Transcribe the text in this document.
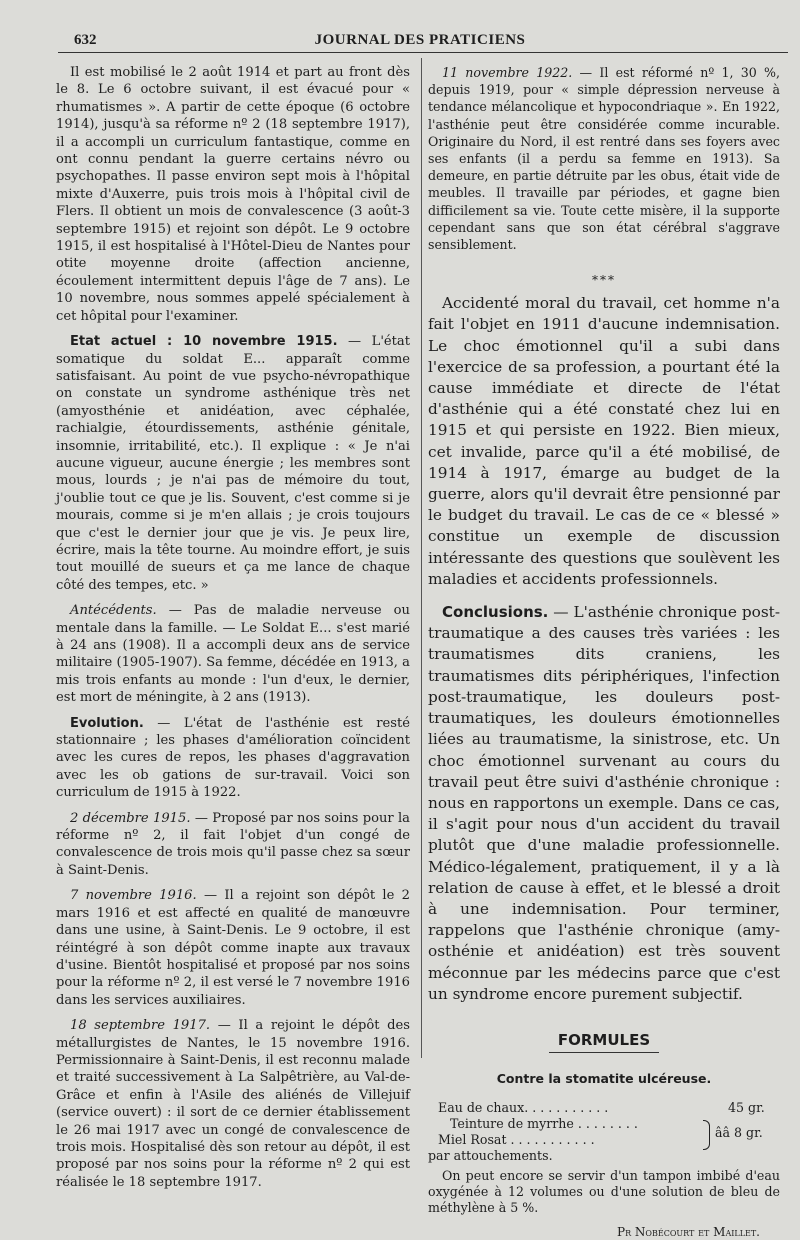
632	JOURNAL DES PRATICIENS

Il est mobilisé le 2 août 1914 et part au front dès le 8. Le 6 octobre suivant, il est évacué pour « rhumatismes ». A partir de cette époque (6 octobre 1914), jusqu'à sa réforme nº 2 (18 septembre 1917), il a accompli un curriculum fantastique, comme en ont connu pendant la guerre certains névro ou psychopathes. Il passe environ sept mois à l'hôpital mixte d'Auxerre, puis trois mois à l'hôpital civil de Flers. Il obtient un mois de convalescence (3 août-3 septembre 1915) et rejoint son dépôt. Le 9 octobre 1915, il est hospitalisé à l'Hôtel-Dieu de Nantes pour otite moyenne droite (affection ancienne, écoulement intermittent depuis l'âge de 7 ans). Le 10 novembre, nous sommes appelé spécialement à cet hôpital pour l'examiner.

Etat actuel : 10 novembre 1915. — L'état somatique du soldat E... apparaît comme satisfaisant. Au point de vue psycho-névropathique on constate un syndrome asthénique très net (amyosthénie et anidéation, avec céphalée, rachialgie, étourdissements, asthénie génitale, insomnie, irritabilité, etc.). Il explique : « Je n'ai aucune vigueur, aucune énergie ; les membres sont mous, lourds ; je n'ai pas de mémoire du tout, j'oublie tout ce que je lis. Souvent, c'est comme si je mourais, comme si je m'en allais ; je crois toujours que c'est le dernier jour que je vis. Je peux lire, écrire, mais la tête tourne. Au moindre effort, je suis tout mouillé de sueurs et ça me lance de chaque côté des tempes, etc. »

Antécédents. — Pas de maladie nerveuse ou mentale dans la famille. — Le Soldat E... s'est marié à 24 ans (1908). Il a accompli deux ans de service militaire (1905-1907). Sa femme, décédée en 1913, a mis trois enfants au monde : l'un d'eux, le dernier, est mort de méningite, à 2 ans (1913).

Evolution. — L'état de l'asthénie est resté stationnaire ; les phases d'amélioration coïncident avec les cures de repos, les phases d'aggravation avec les ob gations de sur-travail. Voici son curriculum de 1915 à 1922.

2 décembre 1915. — Proposé par nos soins pour la réforme nº 2, il fait l'objet d'un congé de convalescence de trois mois qu'il passe chez sa sœur à Saint-Denis.

7 novembre 1916. — Il a rejoint son dépôt le 2 mars 1916 et est affecté en qualité de manœuvre dans une usine, à Saint-Denis. Le 9 octobre, il est réintégré à son dépôt comme inapte aux travaux d'usine. Bientôt hospitalisé et proposé par nos soins pour la réforme nº 2, il est versé le 7 novembre 1916 dans les services auxiliaires.

18 septembre 1917. — Il a rejoint le dépôt des métallurgistes de Nantes, le 15 novembre 1916. Permissionnaire à Saint-Denis, il est reconnu malade et traité successivement à La Salpêtrière, au Val-de-Grâce et enfin à l'Asile des aliénés de Villejuif (service ouvert) : il sort de ce dernier établissement le 26 mai 1917 avec un congé de convalescence de trois mois. Hospitalisé dès son retour au dépôt, il est proposé par nos soins pour la réforme nº 2 qui est réalisée le 18 septembre 1917.

11 novembre 1922. — Il est réformé nº 1, 30 %, depuis 1919, pour « simple dépression nerveuse à tendance mélancolique et hypocondriaque ». En 1922, l'asthénie peut être considérée comme incurable. Originaire du Nord, il est rentré dans ses foyers avec ses enfants (il a perdu sa femme en 1913). Sa demeure, en partie détruite par les obus, était vide de meubles. Il travaille par périodes, et gagne bien difficilement sa vie. Toute cette misère, il la supporte cependant sans que son état cérébral s'aggrave sensiblement.

***

Accidenté moral du travail, cet homme n'a fait l'objet en 1911 d'aucune indemnisation. Le choc émotionnel qu'il a subi dans l'exercice de sa profession, a pourtant été la cause immédiate et directe de l'état d'asthénie qui a été constaté chez lui en 1915 et qui persiste en 1922. Bien mieux, cet invalide, parce qu'il a été mobilisé, de 1914 à 1917, émarge au budget de la guerre, alors qu'il devrait être pensionné par le budget du travail. Le cas de ce « blessé » constitue un exemple de discussion intéressante des questions que soulèvent les maladies et accidents professionnels.

Conclusions. — L'asthénie chronique post-traumatique a des causes très variées : les traumatismes dits craniens, les traumatismes dits périphériques, l'infection post-traumatique, les douleurs post-traumatiques, les douleurs émotionnelles liées au traumatisme, la sinistrose, etc. Un choc émotionnel survenant au cours du travail peut être suivi d'asthénie chronique : nous en rapportons un exemple. Dans ce cas, il s'agit pour nous d'un accident du travail plutôt que d'une maladie professionnelle. Médico-légalement, pratiquement, il y a là relation de cause à effet, et le blessé a droit à une indemnisation. Pour terminer, rappelons que l'asthénie chronique (amy-osthénie et anidéation) est très souvent méconnue par les médecins parce que c'est un syndrome encore purement subjectif.

FORMULES
Contre la stomatite ulcéreuse.
Eau de chaux. . . . . . . . . . .	45 gr.
Teinture de myrrhe . . . . . . . .
Miel Rosat . . . . . . . . . . .	ââ 8 gr.
par attouchements.

On peut encore se servir d'un tampon imbibé d'eau oxygénée à 12 volumes ou d'une solution de bleu de méthylène à 5 %.

Pr Nobécourt et Maillet.
